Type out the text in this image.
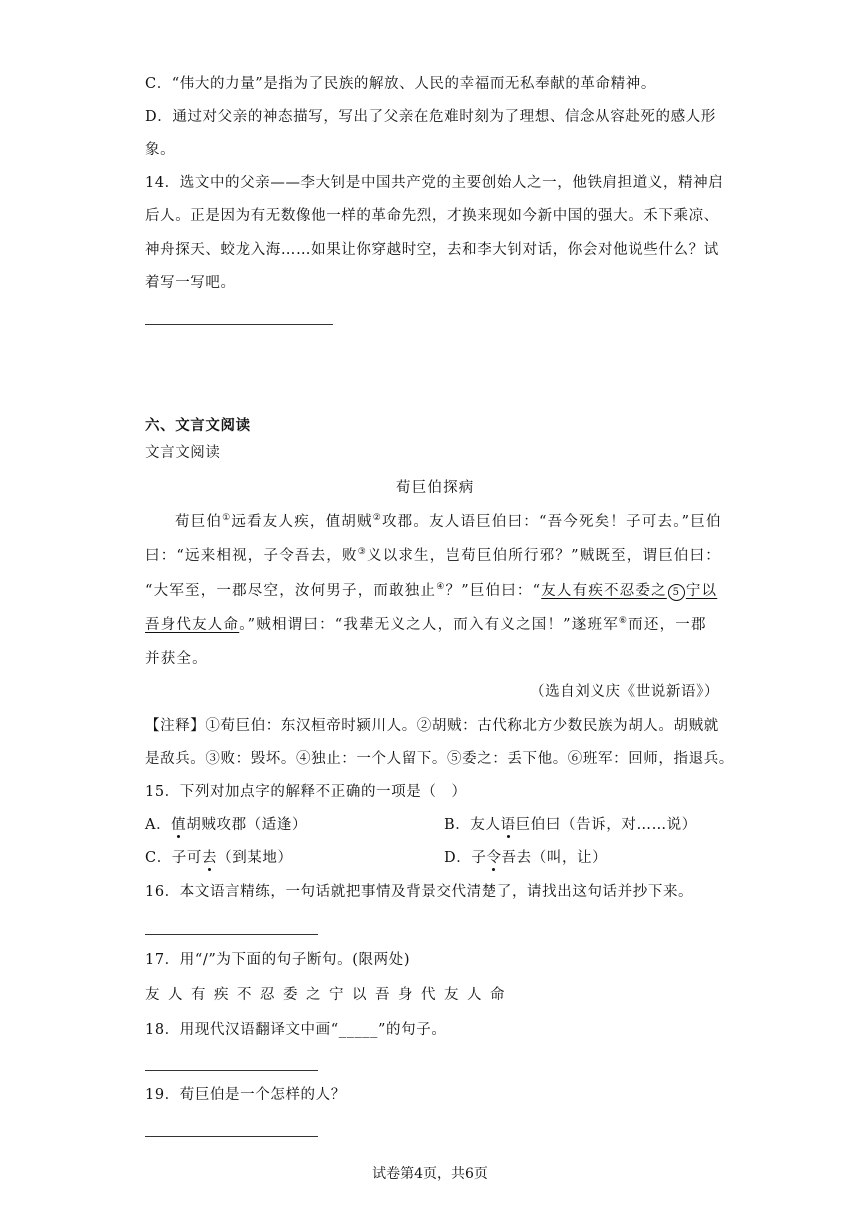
C．“伟大的力量”是指为了民族的解放、人民的幸福而无私奉献的革命精神。
D．通过对父亲的神态描写，写出了父亲在危难时刻为了理想、信念从容赴死的感人形
象。
14．选文中的父亲——李大钊是中国共产党的主要创始人之一，他铁肩担道义，精神启
后人。正是因为有无数像他一样的革命先烈，才换来现如今新中国的强大。禾下乘凉、
神舟探天、蛟龙入海……如果让你穿越时空，去和李大钊对话，你会对他说些什么？试
着写一写吧。
六、文言文阅读
文言文阅读
荀巨伯探病
荀巨伯①远看友人疾，值胡贼②攻郡。友人语巨伯曰：“吾今死矣！子可去。”巨伯
曰：“远来相视，子令吾去，败③义以求生，岂荀巨伯所行邪？”贼既至，谓巨伯曰：
“大军至，一郡尽空，汝何男子，而敢独止④？”巨伯曰：“友人有疾不忍委之 5 宁以
吾身代友人命。”贼相谓曰：“我辈无义之人，而入有义之国！”遂班军⑥而还，一郡
并获全。
（选自刘义庆《世说新语》）
【注释】①荀巨伯：东汉桓帝时颍川人。②胡贼：古代称北方少数民族为胡人。胡贼就
是敌兵。③败：毁坏。④独止：一个人留下。⑤委之：丢下他。⑥班军：回师，指退兵。
15．下列对加点字的解释不正确的一项是（　）
A．值胡贼攻郡（适逢）	B．友人语巨伯曰（告诉，对……说）
C．子可去（到某地）	D．子令吾去（叫，让）
16．本文语言精练，一句话就把事情及背景交代清楚了，请找出这句话并抄下来。
17．用“/”为下面的句子断句。(限两处)
友人有疾不忍委之宁以吾身代友人命
18．用现代汉语翻译文中画“_____”的句子。
19．荀巨伯是一个怎样的人？
试卷第4页，共6页
